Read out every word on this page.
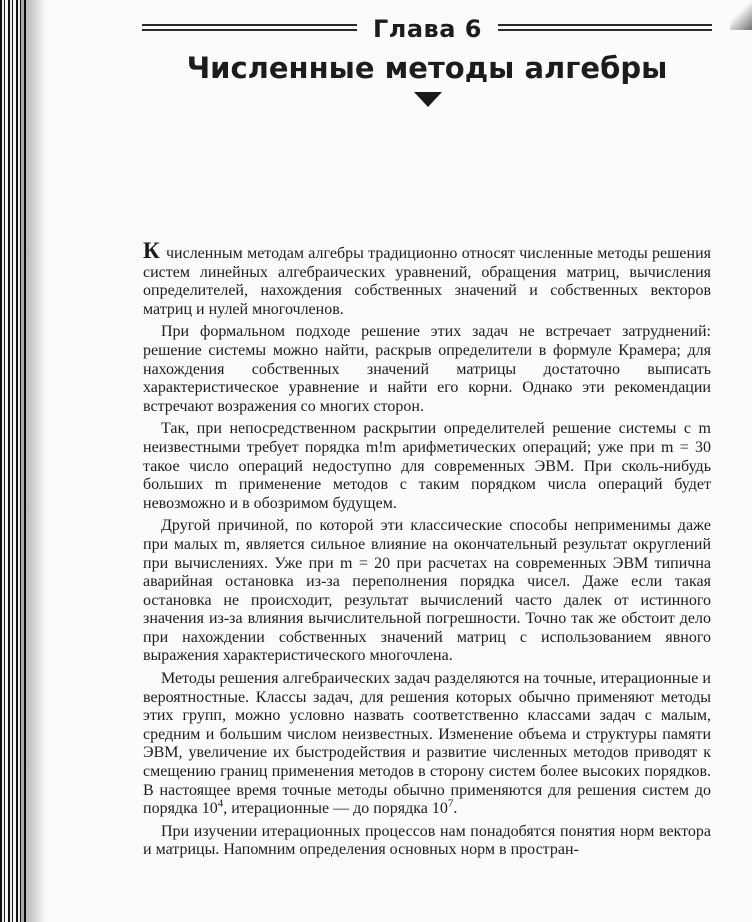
Глава 6
Численные методы алгебры

К численным методам алгебры традиционно относят численные методы решения систем линейных алгебраических уравнений, обращения матриц, вычисления определителей, нахождения собственных значений и собственных векторов матриц и нулей многочленов.

При формальном подходе решение этих задач не встречает затруднений: решение системы можно найти, раскрыв определители в формуле Крамера; для нахождения собственных значений матрицы достаточно выписать характеристическое уравнение и найти его корни. Однако эти рекомендации встречают возражения со многих сторон.

Так, при непосредственном раскрытии определителей решение системы с m неизвестными требует порядка m!m арифметических операций; уже при m = 30 такое число операций недоступно для современных ЭВМ. При сколь-нибудь больших m применение методов с таким порядком числа операций будет невозможно и в обозримом будущем.

Другой причиной, по которой эти классические способы неприменимы даже при малых m, является сильное влияние на окончательный результат округлений при вычислениях. Уже при m = 20 при расчетах на современных ЭВМ типична аварийная остановка из-за переполнения порядка чисел. Даже если такая остановка не происходит, результат вычислений часто далек от истинного значения из-за влияния вычислительной погрешности. Точно так же обстоит дело при нахождении собственных значений матриц с использованием явного выражения характеристического многочлена.

Методы решения алгебраических задач разделяются на точные, итерационные и вероятностные. Классы задач, для решения которых обычно применяют методы этих групп, можно условно назвать соответственно классами задач с малым, средним и большим числом неизвестных. Изменение объема и структуры памяти ЭВМ, увеличение их быстродействия и развитие численных методов приводят к смещению границ применения методов в сторону систем более высоких порядков. В настоящее время точные методы обычно применяются для решения систем до порядка $10^4$, итерационные — до порядка $10^7$.

При изучении итерационных процессов нам понадобятся понятия норм вектора и матрицы. Напомним определения основных норм в простран-
